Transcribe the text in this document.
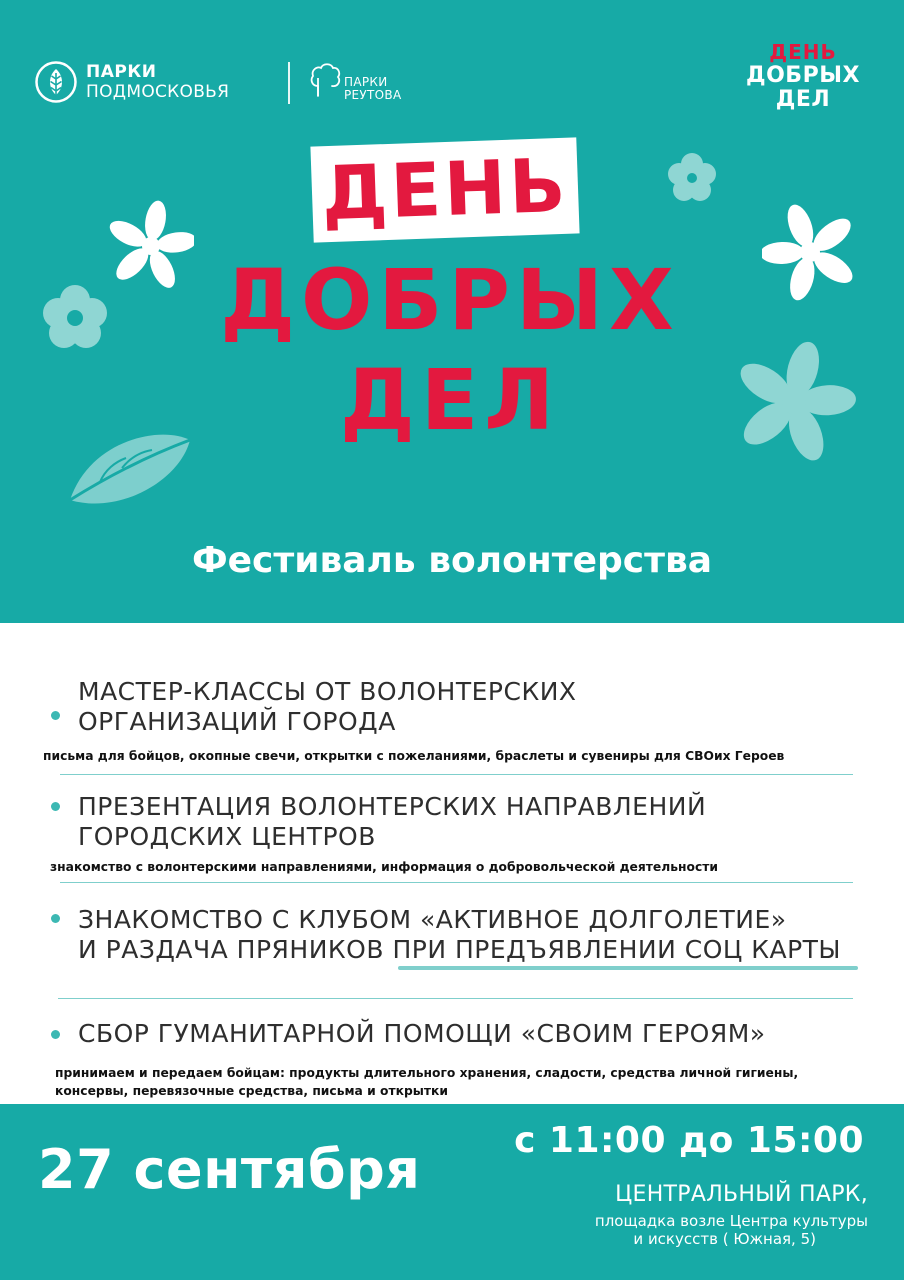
ПАРКИ
ПОДМОСКОВЬЯ	ПАРКИ
РЕУТОВА
ДЕНЬ
ДОБРЫХ
ДЕЛ
ДЕНЬ
ДОБРЫХ
ДЕЛ
Фестиваль волонтерства
МАСТЕР-КЛАССЫ ОТ ВОЛОНТЕРСКИХ
ОРГАНИЗАЦИЙ ГОРОДА
письма для бойцов, окопные свечи, открытки с пожеланиями, браслеты и сувениры для СВОих Героев
ПРЕЗЕНТАЦИЯ ВОЛОНТЕРСКИХ НАПРАВЛЕНИЙ
ГОРОДСКИХ ЦЕНТРОВ
знакомство с волонтерскими направлениями, информация о добровольческой деятельности
ЗНАКОМСТВО С КЛУБОМ «АКТИВНОЕ ДОЛГОЛЕТИЕ»
И РАЗДАЧА ПРЯНИКОВ ПРИ ПРЕДЪЯВЛЕНИИ СОЦ КАРТЫ
СБОР ГУМАНИТАРНОЙ ПОМОЩИ «СВОИМ ГЕРОЯМ»
принимаем и передаем бойцам: продукты длительного хранения, сладости, средства личной гигиены,
консервы, перевязочные средства, письма и открытки
27 сентября	с 11:00 до 15:00
ЦЕНТРАЛЬНЫЙ ПАРК,
площадка возле Центра культуры
и искусств ( Южная, 5)
